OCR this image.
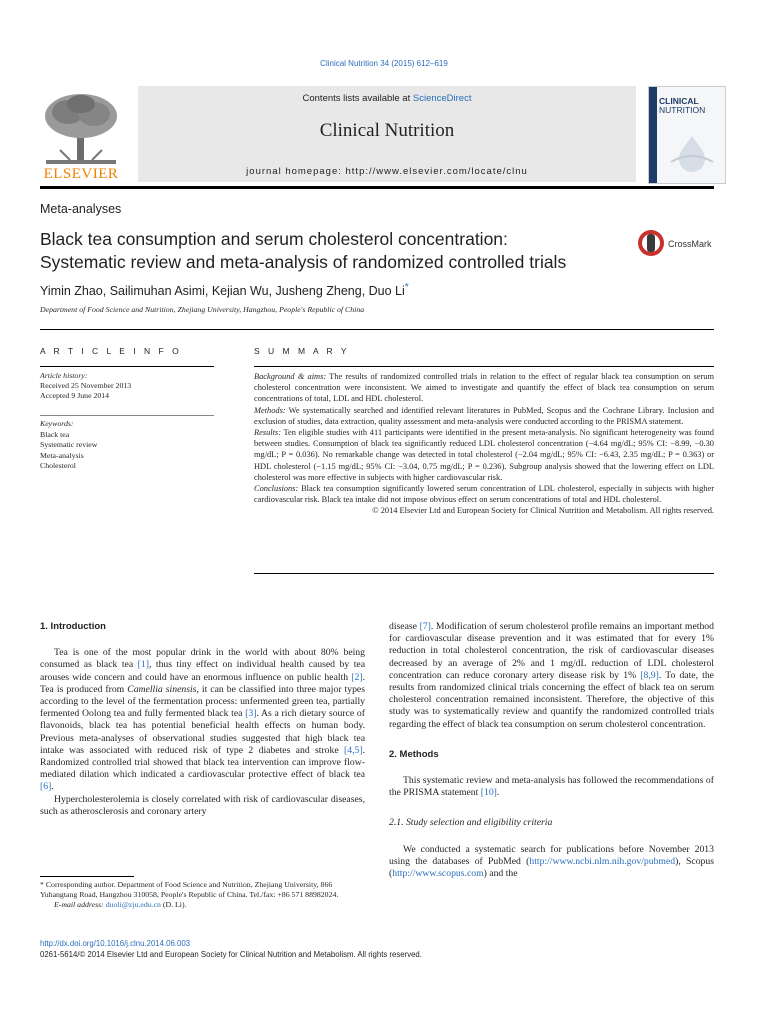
Clinical Nutrition 34 (2015) 612–619
ELSEVIER
Contents lists available at ScienceDirect
Clinical Nutrition
journal homepage: http://www.elsevier.com/locate/clnu
CLINICAL
NUTRITION
Meta-analyses
Black tea consumption and serum cholesterol concentration:
Systematic review and meta-analysis of randomized controlled trials
CrossMark
Yimin Zhao, Sailimuhan Asimi, Kejian Wu, Jusheng Zheng, Duo Li*
Department of Food Science and Nutrition, Zhejiang University, Hangzhou, People's Republic of China
A R T I C L E I N F O	S U M M A R Y
Article history:
Received 25 November 2013
Accepted 9 June 2014
Keywords:
Black tea
Systematic review
Meta-analysis
Cholesterol

Background & aims: The results of randomized controlled trials in relation to the effect of regular black tea consumption on serum cholesterol concentration were inconsistent. We aimed to investigate and quantify the effect of black tea consumption on serum concentrations of total, LDL and HDL cholesterol.

Methods: We systematically searched and identified relevant literatures in PubMed, Scopus and the Cochrane Library. Inclusion and exclusion of studies, data extraction, quality assessment and meta-analysis were conducted according to the PRISMA statement.

Results: Ten eligible studies with 411 participants were identified in the present meta-analysis. No significant heterogeneity was found between studies. Consumption of black tea significantly reduced LDL cholesterol concentration (−4.64 mg/dL; 95% CI: −8.99, −0.30 mg/dL; P = 0.036). No remarkable change was detected in total cholesterol (−2.04 mg/dL; 95% CI: −6.43, 2.35 mg/dL; P = 0.363) or HDL cholesterol (−1.15 mg/dL; 95% CI: −3.04, 0.75 mg/dL; P = 0.236). Subgroup analysis showed that the lowering effect on LDL cholesterol was more effective in subjects with higher cardiovascular risk.

Conclusions: Black tea consumption significantly lowered serum concentration of LDL cholesterol, especially in subjects with higher cardiovascular risk. Black tea intake did not impose obvious effect on serum concentrations of total and HDL cholesterol.

© 2014 Elsevier Ltd and European Society for Clinical Nutrition and Metabolism. All rights reserved.

1. Introduction

Tea is one of the most popular drink in the world with about 80% being consumed as black tea [1], thus tiny effect on individual health caused by tea arouses wide concern and could have an enormous influence on public health [2]. Tea is produced from Camellia sinensis, it can be classified into three major types according to the level of the fermentation process: unfermented green tea, partially fermented Oolong tea and fully fermented black tea [3]. As a rich dietary source of flavonoids, black tea has potential beneficial health effects on human body. Previous meta-analyses of observational studies suggested that high black tea intake was associated with reduced risk of type 2 diabetes and stroke [4,5]. Randomized controlled trial showed that black tea intervention can improve flow-mediated dilation which indicated a cardiovascular protective effect of black tea [6].

Hypercholesterolemia is closely correlated with risk of cardiovascular diseases, such as atherosclerosis and coronary artery

disease [7]. Modification of serum cholesterol profile remains an important method for cardiovascular disease prevention and it was estimated that for every 1% reduction in total cholesterol concentration, the risk of cardiovascular diseases decreased by an average of 2% and 1 mg/dL reduction of LDL cholesterol concentration can reduce coronary artery disease risk by 1% [8,9]. To date, the results from randomized clinical trials concerning the effect of black tea on serum cholesterol concentration remained inconsistent. Therefore, the objective of this study was to systematically review and quantify the randomized controlled trials regarding the effect of black tea consumption on serum cholesterol concentration.

2. Methods

This systematic review and meta-analysis has followed the recommendations of the PRISMA statement [10].

2.1. Study selection and eligibility criteria

We conducted a systematic search for publications before November 2013 using the databases of PubMed (http://www.ncbi.nlm.nih.gov/pubmed), Scopus (http://www.scopus.com) and the

* Corresponding author. Department of Food Science and Nutrition, Zhejiang University, 866 Yuhangtang Road, Hangzhou 310058, People's Republic of China. Tel./fax: +86 571 88982024.
E-mail address: duoli@zju.edu.cn (D. Li).
http://dx.doi.org/10.1016/j.clnu.2014.06.003
0261-5614/© 2014 Elsevier Ltd and European Society for Clinical Nutrition and Metabolism. All rights reserved.
